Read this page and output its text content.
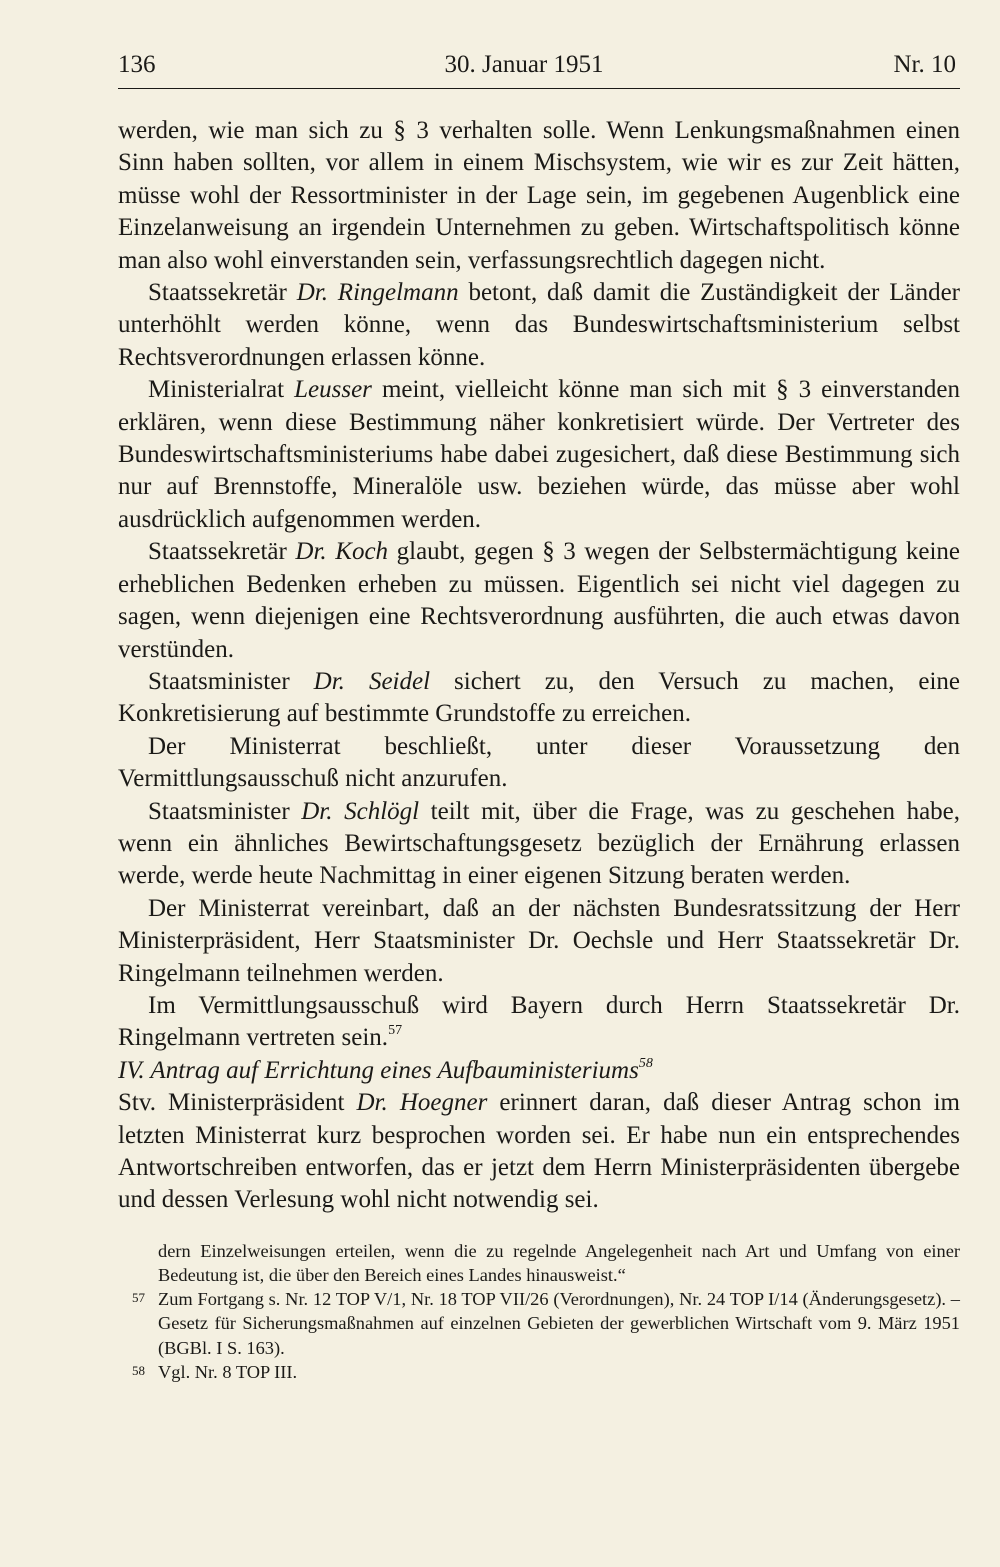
136	30. Januar 1951	Nr. 10

werden, wie man sich zu § 3 verhalten solle. Wenn Lenkungsmaßnahmen einen Sinn haben sollten, vor allem in einem Mischsystem, wie wir es zur Zeit hätten, müsse wohl der Ressortminister in der Lage sein, im gegebenen Augenblick eine Einzelanweisung an irgendein Unternehmen zu geben. Wirtschaftspolitisch könne man also wohl einverstanden sein, verfassungsrechtlich dagegen nicht.

Staatssekretär Dr. Ringelmann betont, daß damit die Zuständigkeit der Länder unterhöhlt werden könne, wenn das Bundeswirtschaftsministerium selbst Rechtsverordnungen erlassen könne.

Ministerialrat Leusser meint, vielleicht könne man sich mit § 3 einverstanden erklären, wenn diese Bestimmung näher konkretisiert würde. Der Vertreter des Bundeswirtschaftsministeriums habe dabei zugesichert, daß diese Bestimmung sich nur auf Brennstoffe, Mineralöle usw. beziehen würde, das müsse aber wohl ausdrücklich aufgenommen werden.

Staatssekretär Dr. Koch glaubt, gegen § 3 wegen der Selbstermächtigung keine erheblichen Bedenken erheben zu müssen. Eigentlich sei nicht viel dagegen zu sagen, wenn diejenigen eine Rechtsverordnung ausführten, die auch etwas davon verstünden.

Staatsminister Dr. Seidel sichert zu, den Versuch zu machen, eine Konkretisierung auf bestimmte Grundstoffe zu erreichen.

Der Ministerrat beschließt, unter dieser Voraussetzung den Vermittlungsausschuß nicht anzurufen.

Staatsminister Dr. Schlögl teilt mit, über die Frage, was zu geschehen habe, wenn ein ähnliches Bewirtschaftungsgesetz bezüglich der Ernährung erlassen werde, werde heute Nachmittag in einer eigenen Sitzung beraten werden.

Der Ministerrat vereinbart, daß an der nächsten Bundesratssitzung der Herr Ministerpräsident, Herr Staatsminister Dr. Oechsle und Herr Staatssekretär Dr. Ringelmann teilnehmen werden.

Im Vermittlungsausschuß wird Bayern durch Herrn Staatssekretär Dr. Ringelmann vertreten sein.$^{57}$

IV. Antrag auf Errichtung eines Aufbauministeriums$^{58}$

Stv. Ministerpräsident Dr. Hoegner erinnert daran, daß dieser Antrag schon im letzten Ministerrat kurz besprochen worden sei. Er habe nun ein entsprechendes Antwortschreiben entworfen, das er jetzt dem Herrn Ministerpräsidenten übergebe und dessen Verlesung wohl nicht notwendig sei.

dern Einzelweisungen erteilen, wenn die zu regelnde Angelegenheit nach Art und Umfang von einer Bedeutung ist, die über den Bereich eines Landes hinausweist.“

57 Zum Fortgang s. Nr. 12 TOP V/1, Nr. 18 TOP VII/26 (Verordnungen), Nr. 24 TOP I/14 (Änderungsgesetz). – Gesetz für Sicherungsmaßnahmen auf einzelnen Gebieten der gewerblichen Wirtschaft vom 9. März 1951 (BGBl. I S. 163).

58 Vgl. Nr. 8 TOP III.
